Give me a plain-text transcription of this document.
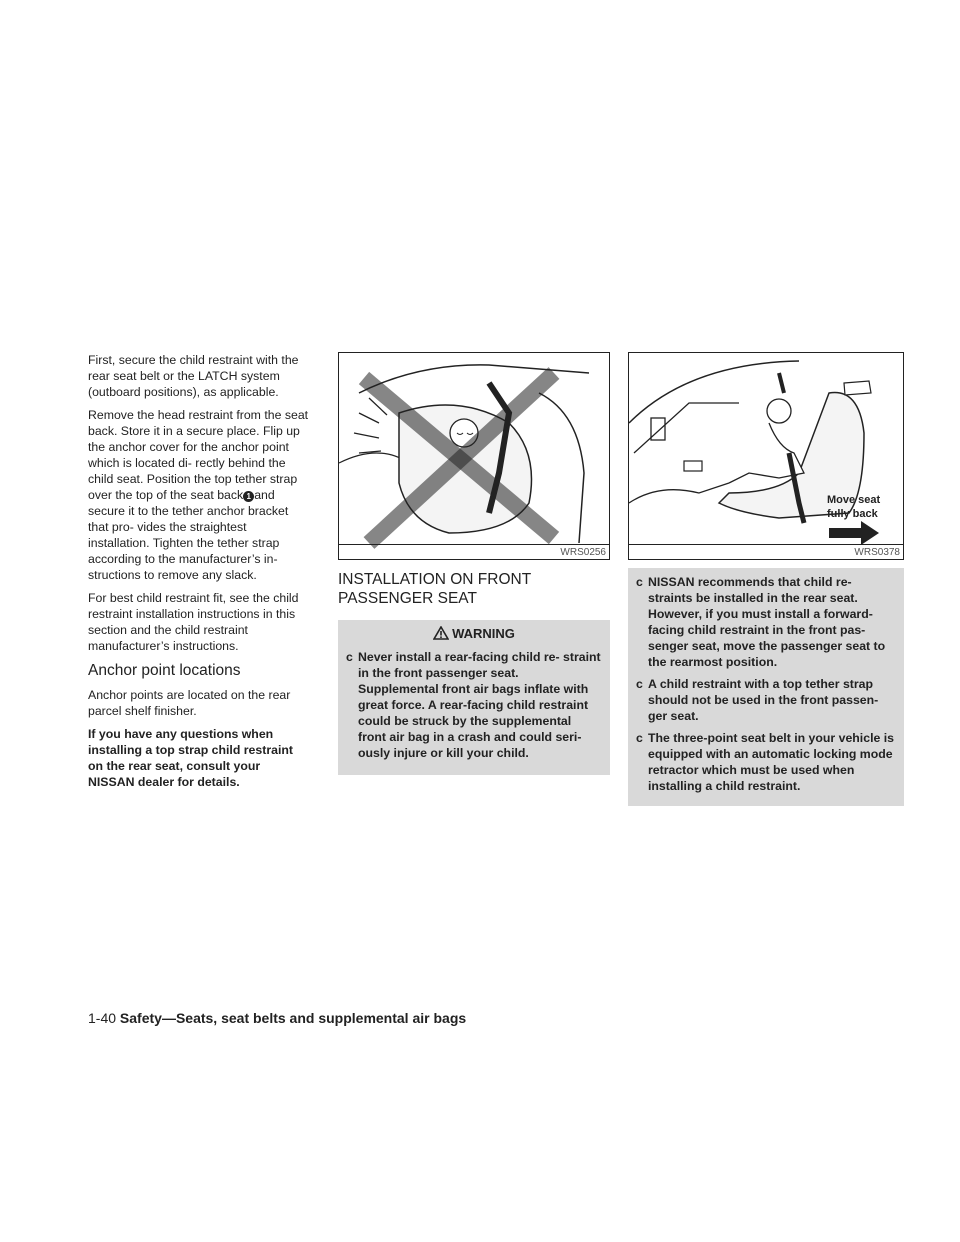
First, secure the child restraint with the rear seat belt or the LATCH system (outboard positions), as applicable.

Remove the head restraint from the seat back. Store it in a secure place. Flip up the anchor cover for the anchor point which is located di- rectly behind the child seat. Position the top tether strap over the top of the seat back 1 and secure it to the tether anchor bracket that pro- vides the straightest installation. Tighten the tether strap according to the manufacturer’s in- structions to remove any slack.

For best child restraint fit, see the child restraint installation instructions in this section and the child restraint manufacturer’s instructions.

Anchor point locations

Anchor points are located on the rear parcel shelf finisher.

If you have any questions when installing a top strap child restraint on the rear seat, consult your NISSAN dealer for details.

WRS0256
INSTALLATION ON FRONT PASSENGER SEAT
WARNING
c Never install a rear-facing child re- straint in the front passenger seat. Supplemental front air bags inflate with great force. A rear-facing child restraint could be struck by the supplemental front air bag in a crash and could seri- ously injure or kill your child.
Move seat
fully back
WRS0378
c NISSAN recommends that child re- straints be installed in the rear seat. However, if you must install a forward- facing child restraint in the front pas- senger seat, move the passenger seat to the rearmost position.
c A child restraint with a top tether strap should not be used in the front passen- ger seat.
c The three-point seat belt in your vehicle is equipped with an automatic locking mode retractor which must be used when installing a child restraint.
1-40 Safety—Seats, seat belts and supplemental air bags
